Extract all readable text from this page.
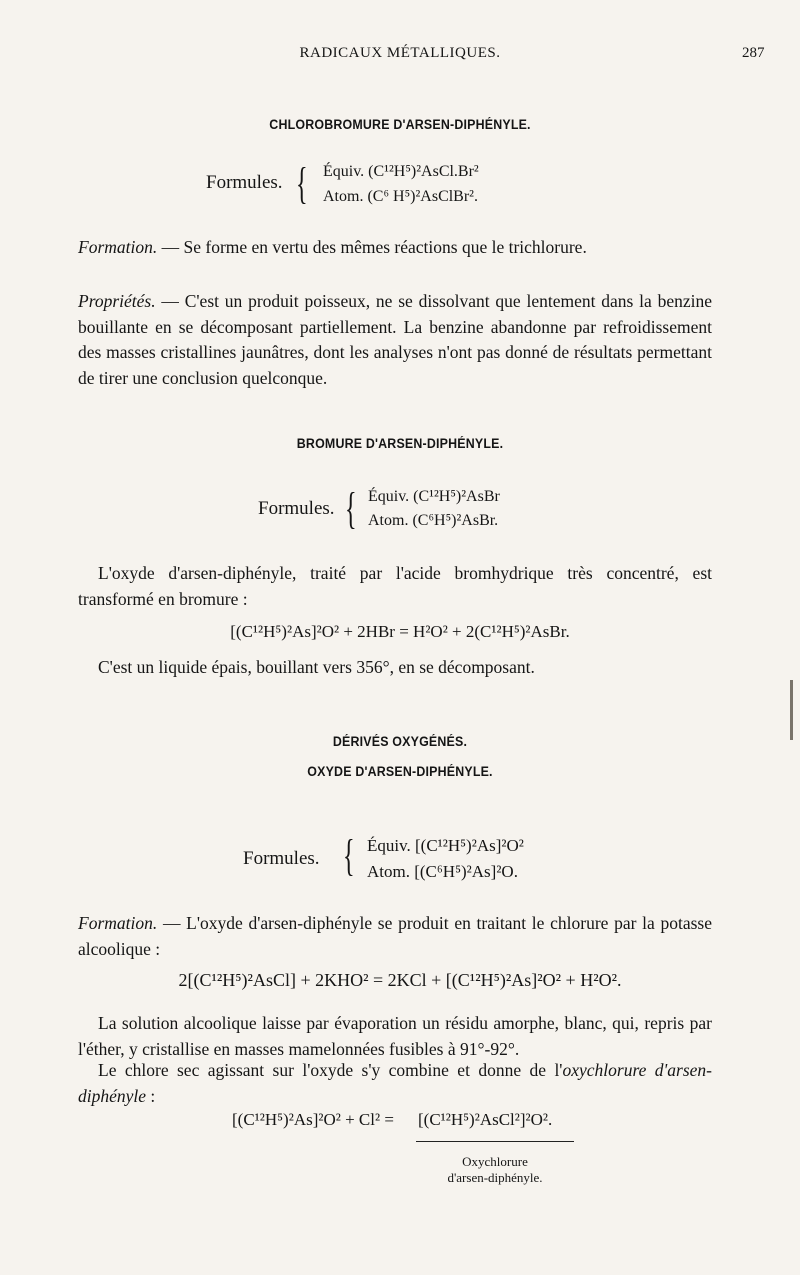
RADICAUX MÉTALLIQUES.	287
CHLOROBROMURE D'ARSEN-DIPHÉNYLE.
Formules. { Équiv. (C¹²H⁵)²AsCl.Br²
Atom. (C⁶ H⁵)²AsClBr².
Formation. — Se forme en vertu des mêmes réactions que le trichlorure.
Propriétés. — C'est un produit poisseux, ne se dissolvant que lentement dans la benzine bouillante en se décomposant partiellement. La benzine abandonne par refroidissement des masses cristallines jaunâtres, dont les analyses n'ont pas donné de résultats permettant de tirer une conclusion quelconque.
BROMURE D'ARSEN-DIPHÉNYLE.
Formules. { Équiv. (C¹²H⁵)²AsBr
Atom. (C⁶H⁵)²AsBr.
L'oxyde d'arsen-diphényle, traité par l'acide bromhydrique très concentré, est transformé en bromure :
[(C¹²H⁵)²As]²O² + 2HBr = H²O² + 2(C¹²H⁵)²AsBr.
C'est un liquide épais, bouillant vers 356°, en se décomposant.
DÉRIVÉS OXYGÉNÉS.
OXYDE D'ARSEN-DIPHÉNYLE.
Formules. { Équiv. [(C¹²H⁵)²As]²O²
Atom. [(C⁶H⁵)²As]²O.
Formation. — L'oxyde d'arsen-diphényle se produit en traitant le chlorure par la potasse alcoolique :
2[(C¹²H⁵)²AsCl] + 2KHO² = 2KCl + [(C¹²H⁵)²As]²O² + H²O².
La solution alcoolique laisse par évaporation un résidu amorphe, blanc, qui, repris par l'éther, y cristallise en masses mamelonnées fusibles à 91°-92°.
Le chlore sec agissant sur l'oxyde s'y combine et donne de l'oxychlorure d'arsen-diphényle :
[(C¹²H⁵)²As]²O² + Cl² = [(C¹²H⁵)²AsCl²]²O².
Oxychlorure
d'arsen-diphényle.
